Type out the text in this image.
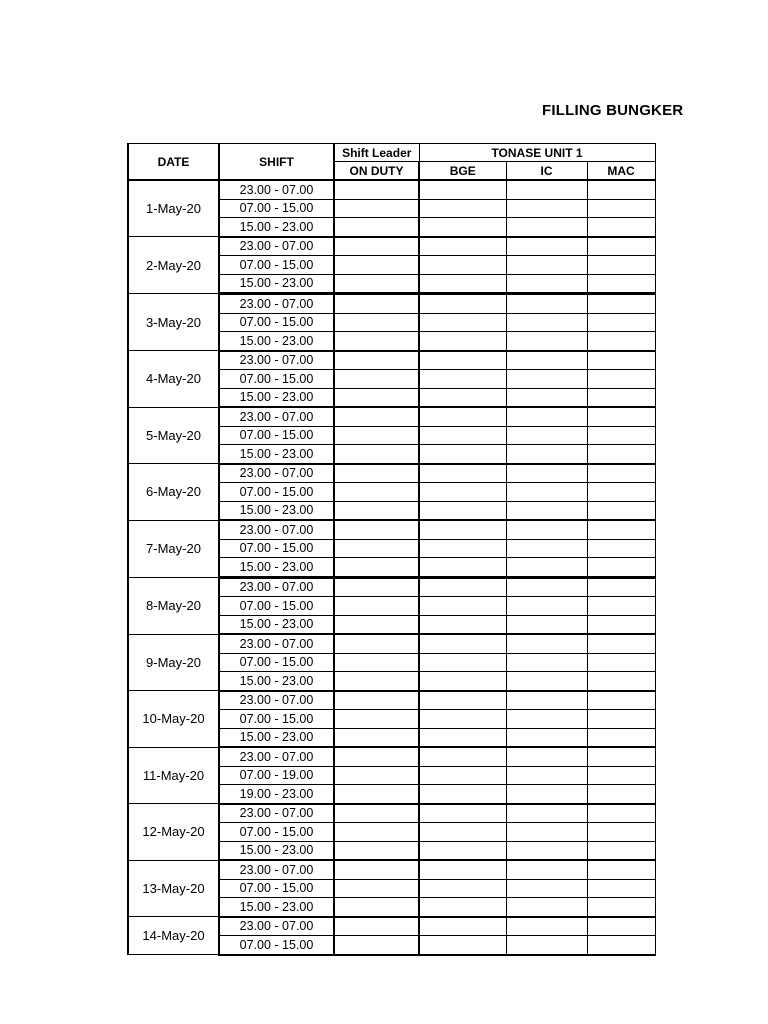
FILLING BUNGKER
DATE	SHIFT	Shift Leader	TONASE UNIT 1		
		ON DUTY	BGE	IC	MAC
1-May-20	23.00 - 07.00				
	07.00 - 15.00				
	15.00 - 23.00				
2-May-20	23.00 - 07.00				
	07.00 - 15.00				
	15.00 - 23.00				
3-May-20	23.00 - 07.00				
	07.00 - 15.00				
	15.00 - 23.00				
4-May-20	23.00 - 07.00				
	07.00 - 15.00				
	15.00 - 23.00				
5-May-20	23.00 - 07.00				
	07.00 - 15.00				
	15.00 - 23.00				
6-May-20	23.00 - 07.00				
	07.00 - 15.00				
	15.00 - 23.00				
7-May-20	23.00 - 07.00				
	07.00 - 15.00				
	15.00 - 23.00				
8-May-20	23.00 - 07.00				
	07.00 - 15.00				
	15.00 - 23.00				
9-May-20	23.00 - 07.00				
	07.00 - 15.00				
	15.00 - 23.00				
10-May-20	23.00 - 07.00				
	07.00 - 15.00				
	15.00 - 23.00				
11-May-20	23.00 - 07.00				
	07.00 - 19.00				
	19.00 - 23.00				
12-May-20	23.00 - 07.00				
	07.00 - 15.00				
	15.00 - 23.00				
13-May-20	23.00 - 07.00				
	07.00 - 15.00				
	15.00 - 23.00				
14-May-20	23.00 - 07.00				
	07.00 - 15.00				
